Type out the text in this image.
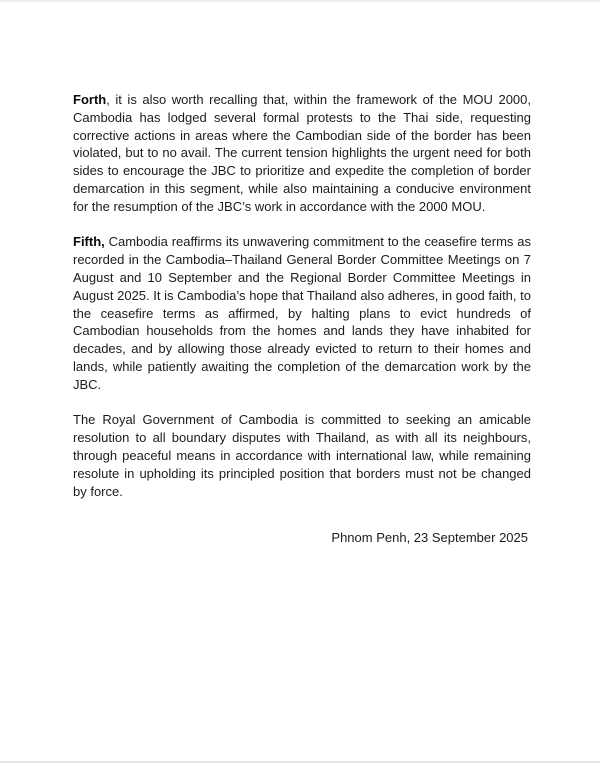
Forth, it is also worth recalling that, within the framework of the MOU 2000, Cambodia has lodged several formal protests to the Thai side, requesting corrective actions in areas where the Cambodian side of the border has been violated, but to no avail. The current tension highlights the urgent need for both sides to encourage the JBC to prioritize and expedite the completion of border demarcation in this segment, while also maintaining a conducive environment for the resumption of the JBC’s work in accordance with the 2000 MOU.

Fifth, Cambodia reaffirms its unwavering commitment to the ceasefire terms as recorded in the Cambodia–Thailand General Border Committee Meetings on 7 August and 10 September and the Regional Border Committee Meetings in August 2025. It is Cambodia’s hope that Thailand also adheres, in good faith, to the ceasefire terms as affirmed, by halting plans to evict hundreds of Cambodian households from the homes and lands they have inhabited for decades, and by allowing those already evicted to return to their homes and lands, while patiently awaiting the completion of the demarcation work by the JBC.

The Royal Government of Cambodia is committed to seeking an amicable resolution to all boundary disputes with Thailand, as with all its neighbours, through peaceful means in accordance with international law, while remaining resolute in upholding its principled position that borders must not be changed by force.

Phnom Penh, 23 September 2025
